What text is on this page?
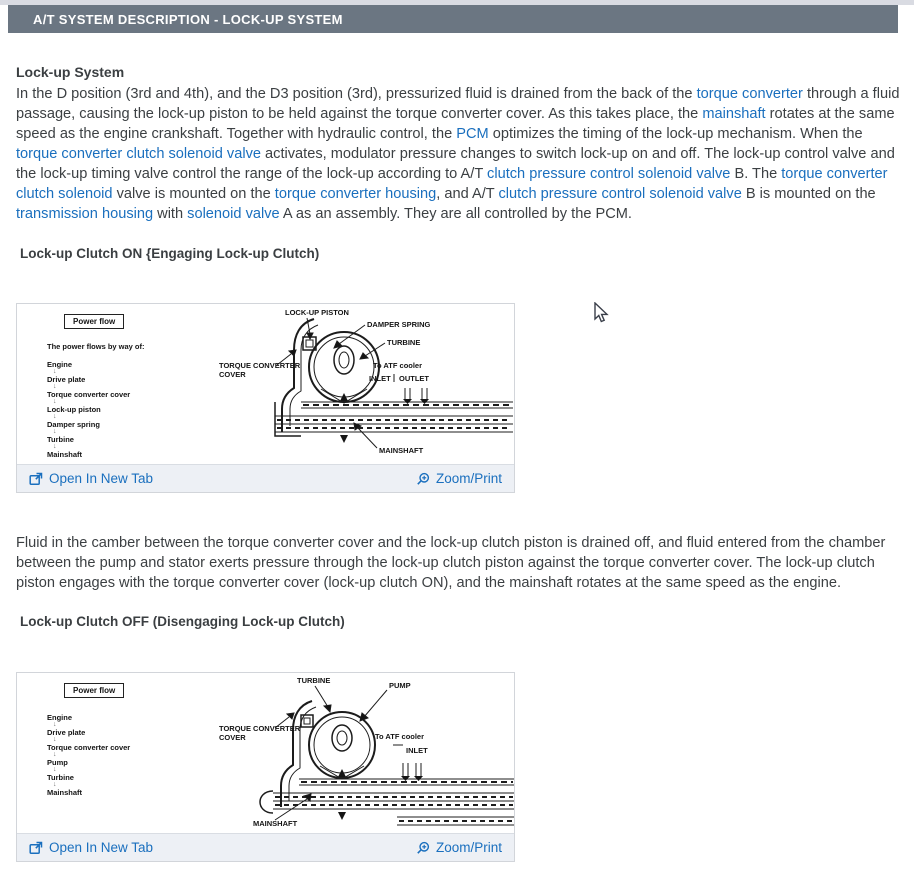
A/T SYSTEM DESCRIPTION - LOCK-UP SYSTEM
Lock-up System
In the D position (3rd and 4th), and the D3 position (3rd), pressurized fluid is drained from the back of the torque converter through a fluid passage, causing the lock-up piston to be held against the torque converter cover. As this takes place, the mainshaft rotates at the same speed as the engine crankshaft. Together with hydraulic control, the PCM optimizes the timing of the lock-up mechanism. When the torque converter clutch solenoid valve activates, modulator pressure changes to switch lock-up on and off. The lock-up control valve and the lock-up timing valve control the range of the lock-up according to A/T clutch pressure control solenoid valve B. The torque converter clutch solenoid valve is mounted on the torque converter housing, and A/T clutch pressure control solenoid valve B is mounted on the transmission housing with solenoid valve A as an assembly. They are all controlled by the PCM.
Lock-up Clutch ON {Engaging Lock-up Clutch)
Power flow
The power flows by way of:
Engine
↓
Drive plate
↓
Torque converter cover
↓
Lock-up piston
↓
Damper spring
↓
Turbine
↓
Mainshaft
LOCK-UP PISTON
DAMPER SPRING
TURBINE
TORQUE CONVERTER
COVER
To ATF cooler
INLET OUTLET
MAINSHAFT
Open In New Tab	Zoom/Print
Fluid in the camber between the torque converter cover and the lock-up clutch piston is drained off, and fluid entered from the chamber between the pump and stator exerts pressure through the lock-up clutch piston against the torque converter cover. The lock-up clutch piston engages with the torque converter cover (lock-up clutch ON), and the mainshaft rotates at the same speed as the engine.
Lock-up Clutch OFF (Disengaging Lock-up Clutch)
Power flow
Engine
↓
Drive plate
↓
Torque converter cover
↓
Pump
↓
Turbine
↓
Mainshaft
TURBINE
PUMP
TORQUE CONVERTER
COVER	To ATF cooler
INLET
MAINSHAFT
Open In New Tab	Zoom/Print
